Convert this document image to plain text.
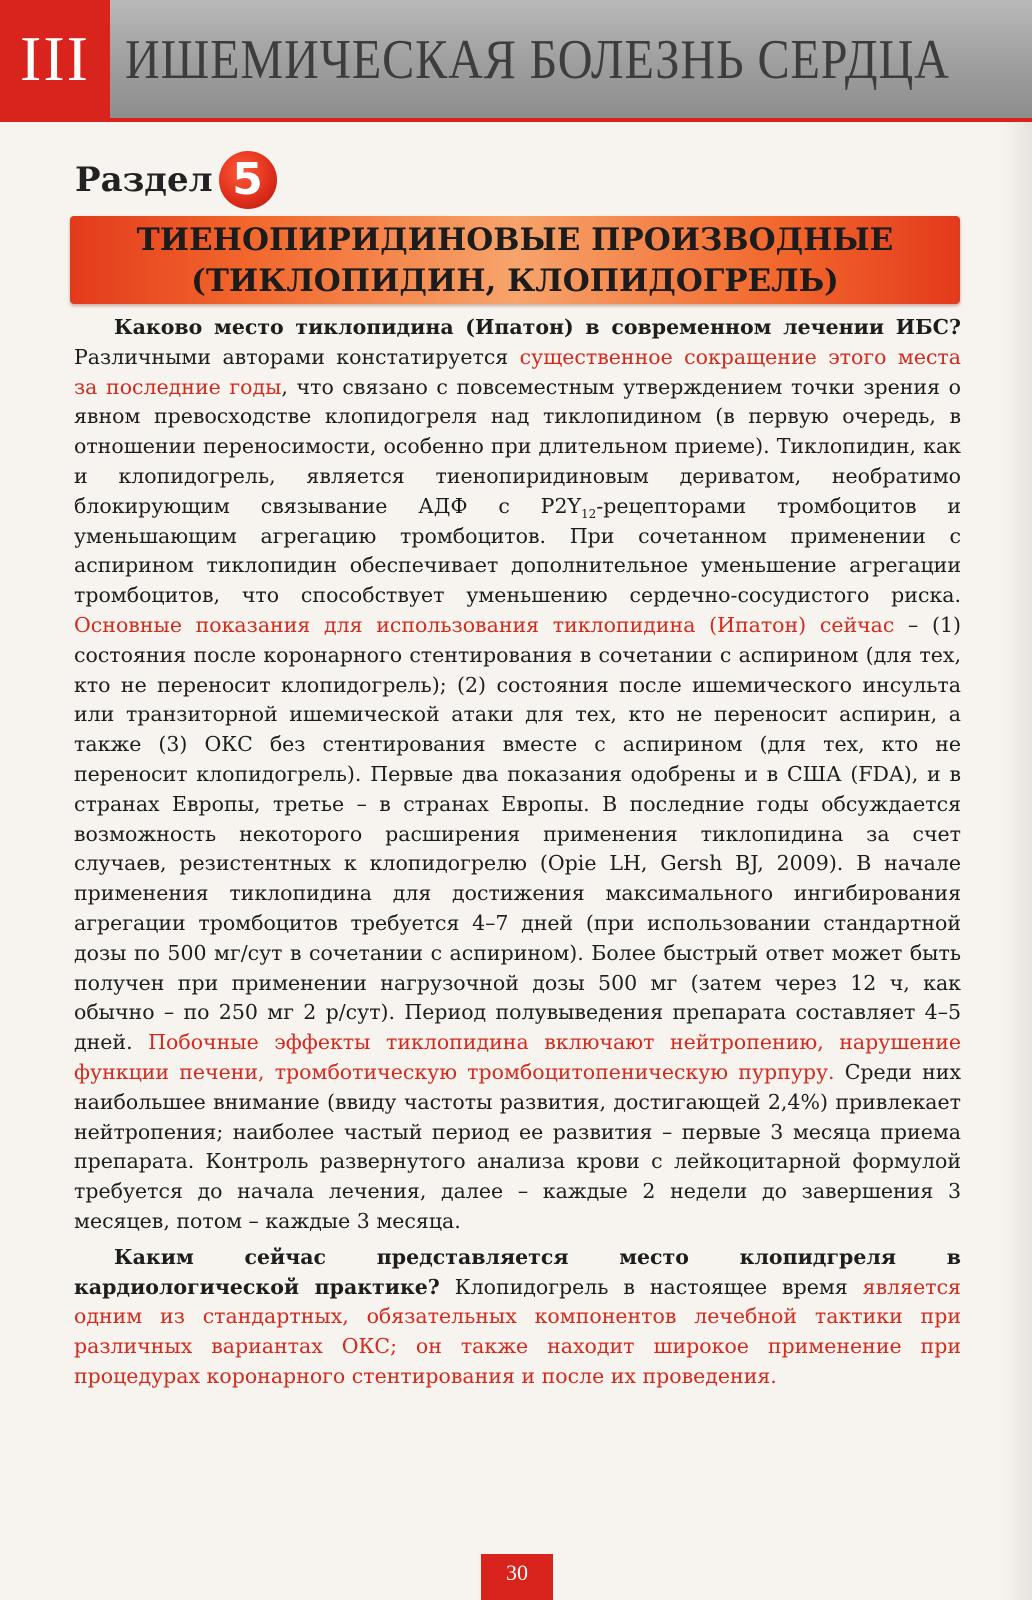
III ИШЕМИЧЕСКАЯ БОЛЕЗНЬ СЕРДЦА
Раздел 5
ТИЕНОПИРИДИНОВЫЕ ПРОИЗВОДНЫЕ
(ТИКЛОПИДИН, КЛОПИДОГРЕЛЬ)

Каково место тиклопидина (Ипатон) в современном лечении ИБС? Различными авторами констатируется существенное сокращение этого места за последние годы, что связано с повсеместным утверждением точки зрения о явном превосходстве клопидогреля над тиклопидином (в первую очередь, в отношении переносимости, особенно при длительном приеме). Тиклопидин, как и клопидогрель, является тиенопиридиновым дериватом, необратимо блокирующим связывание АДФ с $P2Y_{12}$-рецепторами тромбоцитов и уменьшающим агрегацию тромбоцитов. При сочетанном применении с аспирином тиклопидин обеспечивает дополнительное уменьшение агрегации тромбоцитов, что способствует уменьшению сердечно-сосудистого риска. Основные показания для использования тиклопидина (Ипатон) сейчас – (1) состояния после коронарного стентирования в сочетании с аспирином (для тех, кто не переносит клопидогрель); (2) состояния после ишемического инсульта или транзиторной ишемической атаки для тех, кто не переносит аспирин, а также (3) ОКС без стентирования вместе с аспирином (для тех, кто не переносит клопидогрель). Первые два показания одобрены и в США (FDA), и в странах Европы, третье – в странах Европы. В последние годы обсуждается возможность некоторого расширения применения тиклопидина за счет случаев, резистентных к клопидогрелю (Opie LH, Gersh BJ, 2009). В начале применения тиклопидина для достижения максимального ингибирования агрегации тромбоцитов требуется 4–7 дней (при использовании стандартной дозы по 500 мг/сут в сочетании с аспирином). Более быстрый ответ может быть получен при применении нагрузочной дозы 500 мг (затем через 12 ч, как обычно – по 250 мг 2 р/сут). Период полувыведения препарата составляет 4–5 дней. Побочные эффекты тиклопидина включают нейтропению, нарушение функции печени, тромботическую тромбоцитопеническую пурпуру. Среди них наибольшее внимание (ввиду частоты развития, достигающей 2,4%) привлекает нейтропения; наиболее частый период ее развития – первые 3 месяца приема препарата. Контроль развернутого анализа крови с лейкоцитарной формулой требуется до начала лечения, далее – каждые 2 недели до завершения 3 месяцев, потом – каждые 3 месяца.

Каким сейчас представляется место клопидгреля в кардиологической практике? Клопидогрель в настоящее время является одним из стандартных, обязательных компонентов лечебной тактики при различных вариантах ОКС; он также находит широкое применение при процедурах коронарного стентирования и после их проведения.

30
